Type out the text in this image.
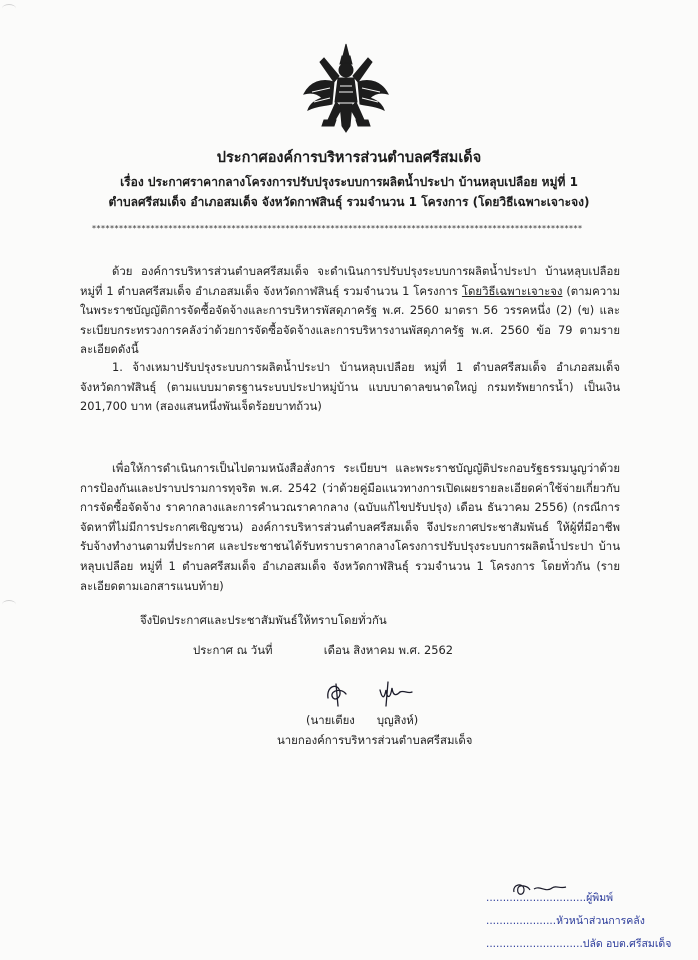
ประกาศองค์การบริหารส่วนตำบลศรีสมเด็จ
เรื่อง ประกาศราคากลางโครงการปรับปรุงระบบการผลิตน้ำประปา บ้านหลุบเปลือย หมู่ที่ 1
ตำบลศรีสมเด็จ อำเภอสมเด็จ จังหวัดกาฬสินธุ์ รวมจำนวน 1 โครงการ (โดยวิธีเฉพาะเจาะจง)
*************************************************************************************************************

ด้วย องค์การบริหารส่วนตำบลศรีสมเด็จ จะดำเนินการปรับปรุงระบบการผลิตน้ำประปา บ้านหลุบเปลือย หมู่ที่ 1 ตำบลศรีสมเด็จ อำเภอสมเด็จ จังหวัดกาฬสินธุ์ รวมจำนวน 1 โครงการ โดยวิธีเฉพาะเจาะจง (ตามความในพระราชบัญญัติการจัดซื้อจัดจ้างและการบริหารพัสดุภาครัฐ พ.ศ. 2560 มาตรา 56 วรรคหนึ่ง (2) (ข) และระเบียบกระทรวงการคลังว่าด้วยการจัดซื้อจัดจ้างและการบริหารงานพัสดุภาครัฐ พ.ศ. 2560 ข้อ 79 ตามรายละเอียดดังนี้

1. จ้างเหมาปรับปรุงระบบการผลิตน้ำประปา บ้านหลุบเปลือย หมู่ที่ 1 ตำบลศรีสมเด็จ อำเภอสมเด็จ จังหวัดกาฬสินธุ์ (ตามแบบมาตรฐานระบบประปาหมู่บ้าน แบบบาดาลขนาดใหญ่ กรมทรัพยากรน้ำ) เป็นเงิน 201,700 บาท (สองแสนหนึ่งพันเจ็ดร้อยบาทถ้วน)

เพื่อให้การดำเนินการเป็นไปตามหนังสือสั่งการ ระเบียบฯ และพระราชบัญญัติประกอบรัฐธรรมนูญว่าด้วยการป้องกันและปราบปรามการทุจริต พ.ศ. 2542 (ว่าด้วยคู่มือแนวทางการเปิดเผยรายละเอียดค่าใช้จ่ายเกี่ยวกับการจัดซื้อจัดจ้าง ราคากลางและการคำนวณราคากลาง (ฉบับแก้ไขปรับปรุง) เดือน ธันวาคม 2556) (กรณีการจัดหาที่ไม่มีการประกาศเชิญชวน) องค์การบริหารส่วนตำบลศรีสมเด็จ จึงประกาศประชาสัมพันธ์ ให้ผู้ที่มีอาชีพรับจ้างทำงานตามที่ประกาศ และประชาชนได้รับทราบราคากลางโครงการปรับปรุงระบบการผลิตน้ำประปา บ้านหลุบเปลือย หมู่ที่ 1 ตำบลศรีสมเด็จ อำเภอสมเด็จ จังหวัดกาฬสินธุ์ รวมจำนวน 1 โครงการ โดยทั่วกัน (รายละเอียดตามเอกสารแนบท้าย)

จึงปิดประกาศและประชาสัมพันธ์ให้ทราบโดยทั่วกัน
ประกาศ ณ วันที่	เดือน สิงหาคม พ.ศ. 2562
(นายเตียง บุญสิงห์)
นายกองค์การบริหารส่วนตำบลศรีสมเด็จ
..............................ผู้พิมพ์
.....................หัวหน้าส่วนการคลัง
.............................ปลัด อบต.ศรีสมเด็จ
